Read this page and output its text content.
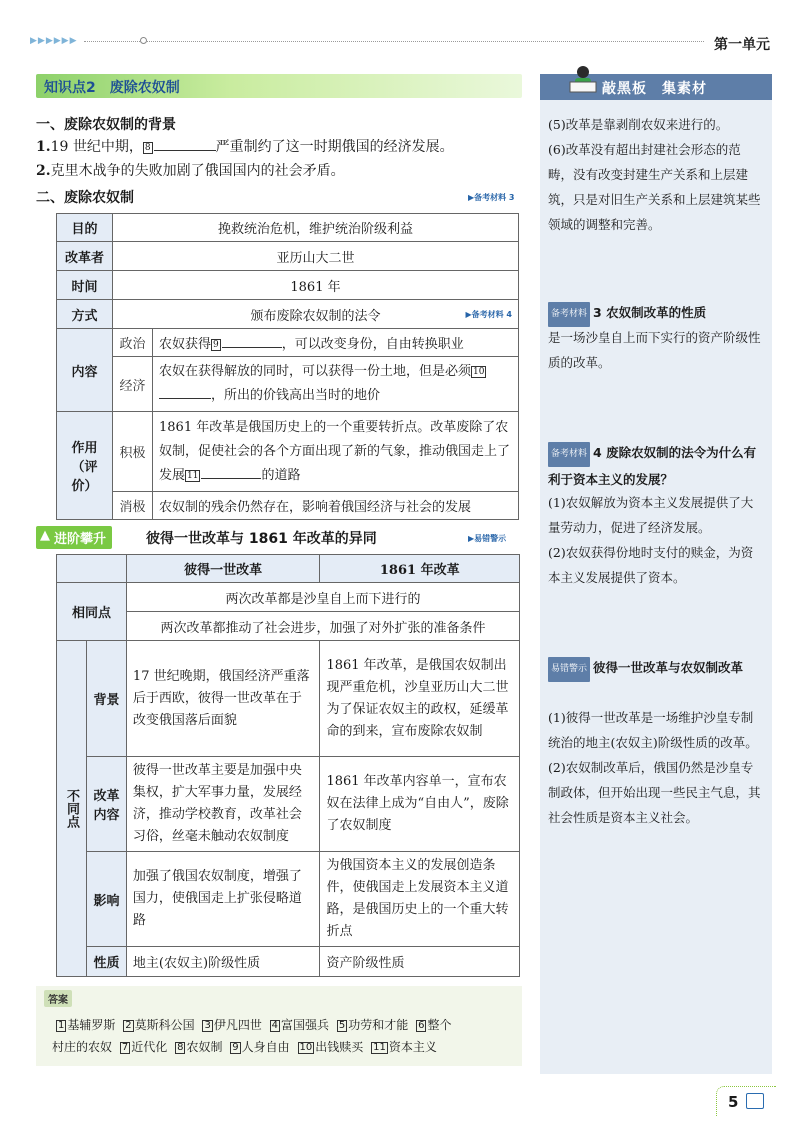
▶▶▶▶▶▶	第一单元
知识点2　废除农奴制
一、废除农奴制的背景
1.19 世纪中期， 8	严重制约了这一时期俄国的经济发展。
2.克里木战争的失败加剧了俄国国内的社会矛盾。
二、废除农奴制	▶备考材料 3
目的	挽救统治危机，维护统治阶级利益	
改革者	亚历山大二世	
时间	1861 年	
方式	颁布废除农奴制的法令 ▶备考材料 4	

内容	政治	农奴获得 9 ，可以改变身份，自由转换职业
	经济	农奴在获得解放的同时，可以获得一份土地，但是必须 10，所出的价钱高出当时的地价

作用
（评价）	积极	1861 年改革是俄国历史上的一个重要转折点。改革废除了农奴制，促使社会的各个方面出现了新的气象，推动俄国走上了发展 11 的道路
	消极	农奴制的残余仍然存在，影响着俄国经济与社会的发展
▲ 进阶攀升	彼得一世改革与 1861 年改革的异同	▶易错警示
		彼得一世改革	1861 年改革
相同点		两次改革都是沙皇自上而下进行的	
		两次改革都推动了社会进步，加强了对外扩张的准备条件	
不同点	背景	17 世纪晚期，俄国经济严重落后于西欧，彼得一世改革在于改变俄国落后面貌	1861 年改革，是俄国农奴制出现严重危机，沙皇亚历山大二世为了保证农奴主的政权，延缓革命的到来，宣布废除农奴制
	改革内容	彼得一世改革主要是加强中央集权，扩大军事力量，发展经济，推动学校教育，改革社会习俗，丝毫未触动农奴制度	1861 年改革内容单一，宣布农奴在法律上成为“自由人”，废除了农奴制度
	影响	加强了俄国农奴制度，增强了国力，使俄国走上扩张侵略道路	为俄国资本主义的发展创造条件，使俄国走上发展资本主义道路，是俄国历史上的一个重大转折点
	性质	地主(农奴主)阶级性质	资产阶级性质
答案
1 基辅罗斯 2 莫斯科公国 3 伊凡四世 4 富国强兵 5 功劳和才能 6 整个
村庄的农奴 7 近代化 8 农奴制 9 人身自由 10 出钱赎买 11 资本主义
敲黑板　集素材
(5)改革是靠剥削农奴来进行的。
(6)改革没有超出封建社会形态的范畴，没有改变封建生产关系和上层建筑，只是对旧生产关系和上层建筑某些领域的调整和完善。
备考材料 3 农奴制改革的性质
是一场沙皇自上而下实行的资产阶级性质的改革。
备考材料 4 废除农奴制的法令为什么有利于资本主义的发展？
(1)农奴解放为资本主义发展提供了大量劳动力，促进了经济发展。
(2)农奴获得份地时支付的赎金，为资本主义发展提供了资本。
易错警示 彼得一世改革与农奴制改革
(1)彼得一世改革是一场维护沙皇专制统治的地主(农奴主)阶级性质的改革。
(2)农奴制改革后，俄国仍然是沙皇专制政体，但开始出现一些民主气息，其社会性质是资本主义社会。
5
